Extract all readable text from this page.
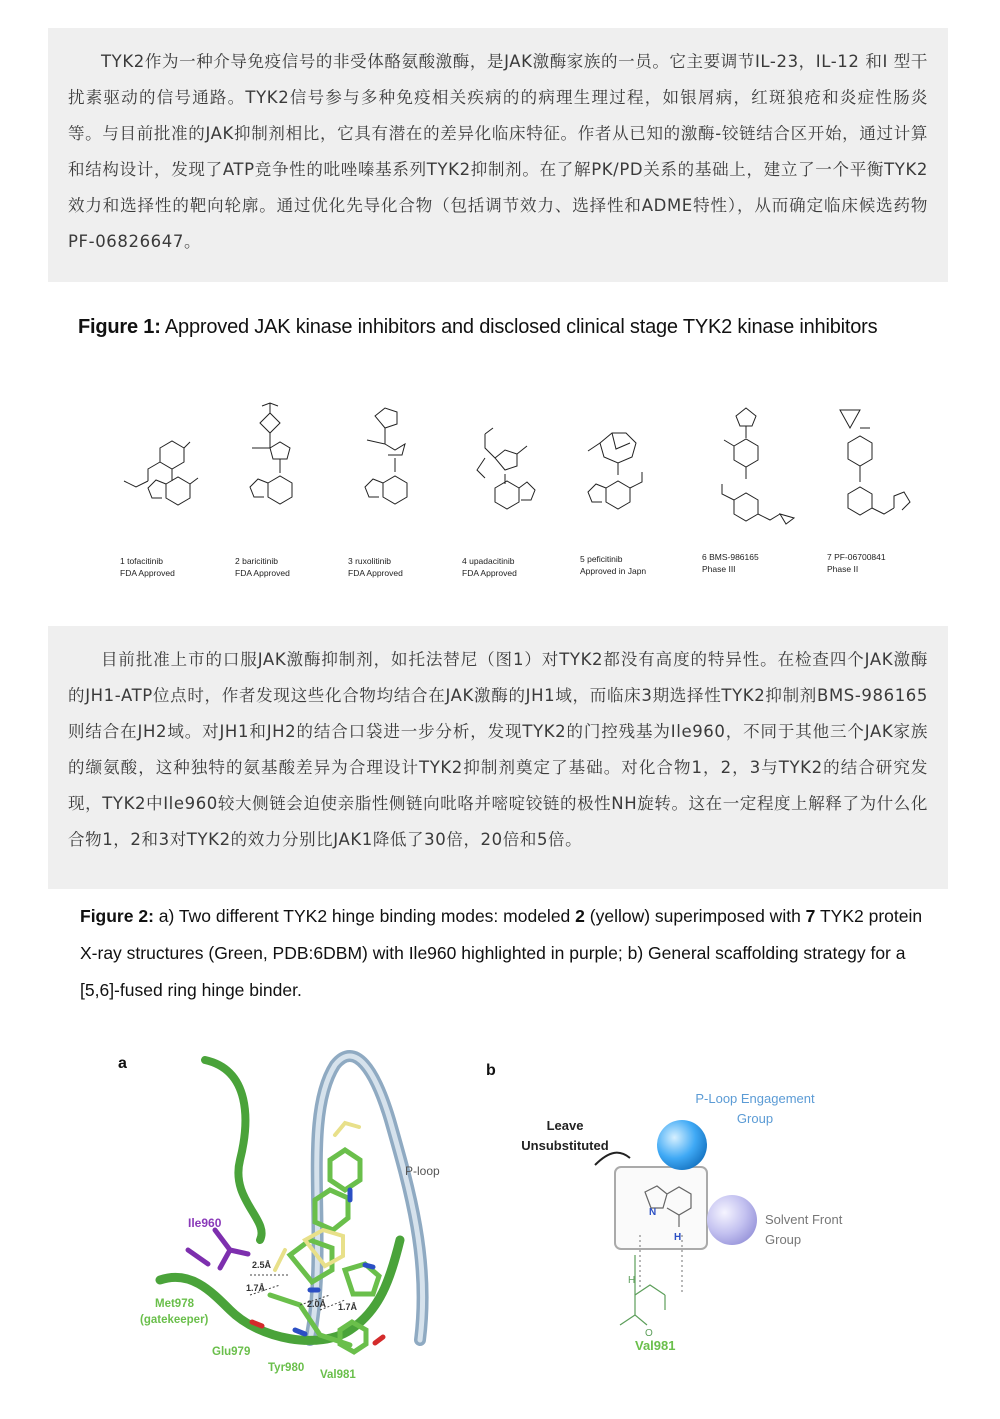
TYK2作为一种介导免疫信号的非受体酪氨酸激酶，是JAK激酶家族的一员。它主要调节IL-23，IL-12 和I 型干扰素驱动的信号通路。TYK2信号参与多种免疫相关疾病的的病理生理过程，如银屑病，红斑狼疮和炎症性肠炎等。与目前批准的JAK抑制剂相比，它具有潜在的差异化临床特征。作者从已知的激酶-铰链结合区开始，通过计算和结构设计，发现了ATP竞争性的吡唑嗪基系列TYK2抑制剂。在了解PK/PD关系的基础上，建立了一个平衡TYK2效力和选择性的靶向轮廓。通过优化先导化合物（包括调节效力、选择性和ADME特性），从而确定临床候选药物PF-06826647。

Figure 1: Approved JAK kinase inhibitors and disclosed clinical stage TYK2 kinase inhibitors
1 tofacitinib
FDA Approved
2 baricitinib
FDA Approved
3 ruxolitinib
FDA Approved
4 upadacitinib
FDA Approved
5 peficitinib
Approved in Japn
6 BMS-986165
Phase III
7 PF-06700841
Phase II

目前批准上市的口服JAK激酶抑制剂，如托法替尼（图1）对TYK2都没有高度的特异性。在检查四个JAK激酶的JH1-ATP位点时，作者发现这些化合物均结合在JAK激酶的JH1域，而临床3期选择性TYK2抑制剂BMS-986165则结合在JH2域。对JH1和JH2的结合口袋进一步分析，发现TYK2的门控残基为Ile960，不同于其他三个JAK家族的缬氨酸，这种独特的氨基酸差异为合理设计TYK2抑制剂奠定了基础。对化合物1，2，3与TYK2的结合研究发现，TYK2中Ile960较大侧链会迫使亲脂性侧链向吡咯并嘧啶铰链的极性NH旋转。这在一定程度上解释了为什么化合物1，2和3对TYK2的效力分别比JAK1降低了30倍，20倍和5倍。

Figure 2: a) Two different TYK2 hinge binding modes: modeled 2 (yellow) superimposed with 7 TYK2 protein X-ray structures (Green, PDB:6DBM) with Ile960 highlighted in purple; b) General scaffolding strategy for a [5,6]-fused ring hinge binder.
a
2.5Å
1.7Å
2.0Å 1.7Å
Ile960
P-loop
Met978
(gatekeeper)
Glu979
Tyr980
Val981
b
Leave
Unsubstituted
P-Loop Engagement
Group
Solvent Front
Group
N
H
H
O
Val981
